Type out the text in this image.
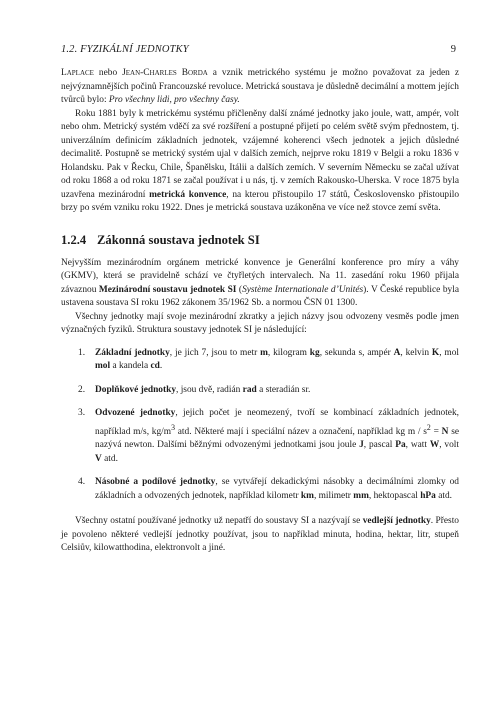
1.2. FYZIKÁLNÍ JEDNOTKY	9

Laplace nebo Jean-Charles Borda a vznik metrického systému je možno považovat za jeden z nejvýznamnějších počinů Francouzské revoluce. Metrická soustava je důsledně decimální a mottem jejích tvůrců bylo: Pro všechny lidi, pro všechny časy.

Roku 1881 byly k metrickému systému přičleněny další známé jednotky jako joule, watt, ampér, volt nebo ohm. Metrický systém vděčí za své rozšíření a postupné přijetí po celém světě svým přednostem, tj. univerzálním definicím základních jednotek, vzájemné koherenci všech jednotek a jejich důsledné decimalitě. Postupně se metrický systém ujal v dalších zemích, nejprve roku 1819 v Belgii a roku 1836 v Holandsku. Pak v Řecku, Chile, Španělsku, Itálii a dalších zemích. V severním Německu se začal užívat od roku 1868 a od roku 1871 se začal používat i u nás, tj. v zemích Rakousko-Uherska. V roce 1875 byla uzavřena mezinárodní metrická konvence, na kterou přistoupilo 17 států, Československo přistoupilo brzy po svém vzniku roku 1922. Dnes je metrická soustava uzákoněna ve více než stovce zemí světa.

1.2.4 Zákonná soustava jednotek SI

Nejvyšším mezinárodním orgánem metrické konvence je Generální konference pro míry a váhy (GKMV), která se pravidelně schází ve čtyřletých intervalech. Na 11. zasedání roku 1960 přijala závaznou Mezinárodní soustavu jednotek SI (Système Internationale d’Unités). V České republice byla ustavena soustava SI roku 1962 zákonem 35/1962 Sb. a normou ČSN 01 1300.

Všechny jednotky mají svoje mezinárodní zkratky a jejich názvy jsou odvozeny vesměs podle jmen význačných fyziků. Struktura soustavy jednotek SI je následující:

1. Základní jednotky, je jich 7, jsou to metr m, kilogram kg, sekunda s, ampér A, kelvin K, mol mol a kandela cd.
2. Doplňkové jednotky, jsou dvě, radián rad a steradián sr.
3. Odvozené jednotky, jejich počet je neomezený, tvoří se kombinací základních jednotek, například m/s, $kg/m^3$ atd. Některé mají i speciální název a označení, například kg $m / s^2 = N$ se nazývá newton. Dalšími běžnými odvozenými jednotkami jsou joule J, pascal Pa, watt W, volt V atd.
4. Násobné a podílové jednotky, se vytvářejí dekadickými násobky a decimálními zlomky od základních a odvozených jednotek, například kilometr km, milimetr mm, hektopascal hPa atd.

Všechny ostatní používané jednotky už nepatří do soustavy SI a nazývají se vedlejší jednotky. Přesto je povoleno některé vedlejší jednotky používat, jsou to například minuta, hodina, hektar, litr, stupeň Celsiův, kilowatthodina, elektronvolt a jiné.
